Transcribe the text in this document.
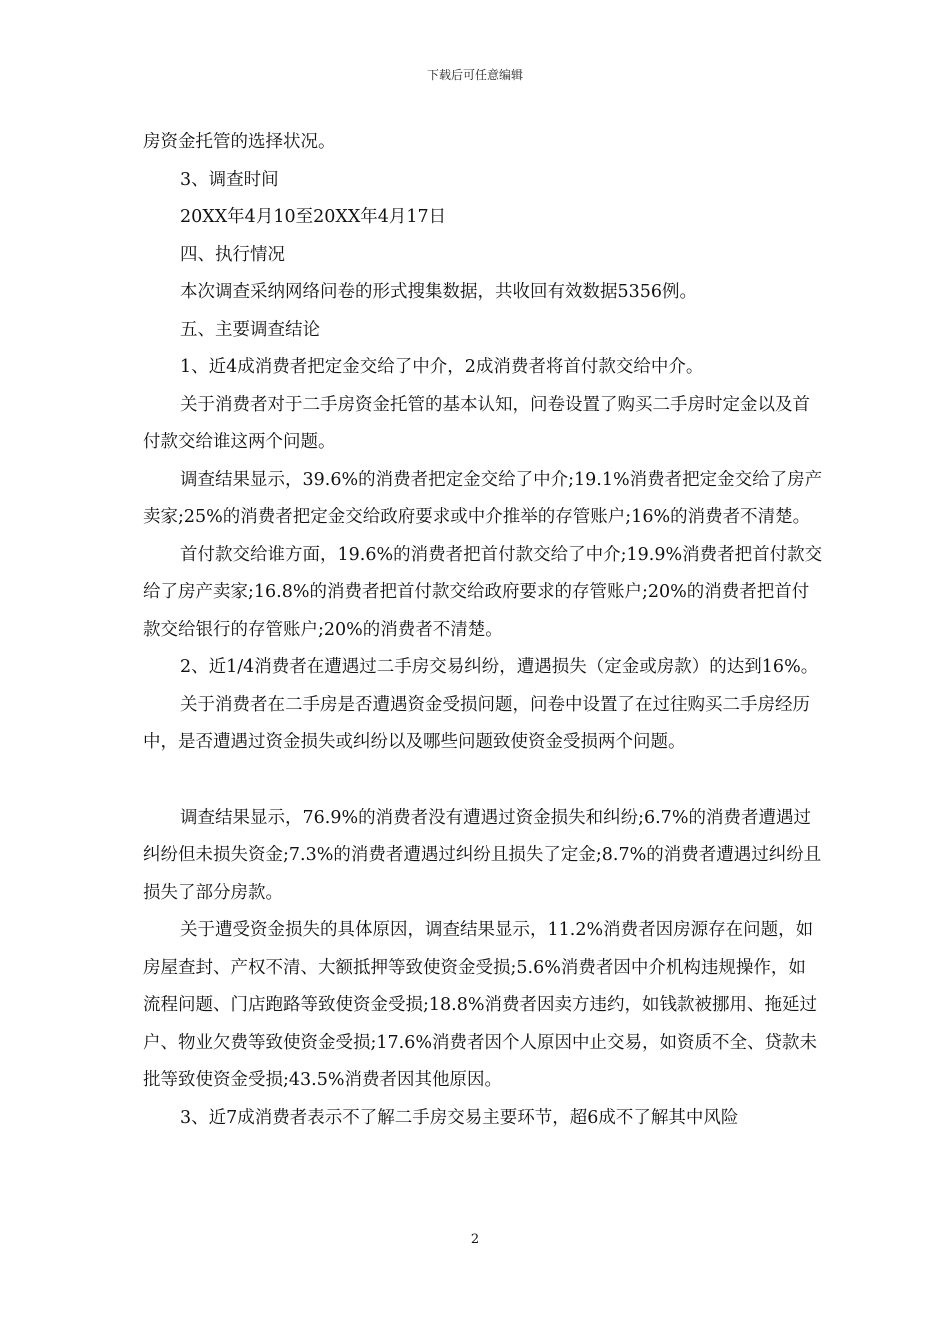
下载后可任意编辑

房资金托管的选择状况。

3、调查时间

20XX年4月10至20XX年4月17日

四、执行情况

本次调查采纳网络问卷的形式搜集数据，共收回有效数据5356例。

五、主要调查结论

1、近4成消费者把定金交给了中介，2成消费者将首付款交给中介。

关于消费者对于二手房资金托管的基本认知，问卷设置了购买二手房时定金以及首付款交给谁这两个问题。

调查结果显示，39.6%的消费者把定金交给了中介;19.1%消费者把定金交给了房产卖家;25%的消费者把定金交给政府要求或中介推举的存管账户;16%的消费者不清楚。

首付款交给谁方面，19.6%的消费者把首付款交给了中介;19.9%消费者把首付款交给了房产卖家;16.8%的消费者把首付款交给政府要求的存管账户;20%的消费者把首付款交给银行的存管账户;20%的消费者不清楚。

2、近1/4消费者在遭遇过二手房交易纠纷，遭遇损失（定金或房款）的达到16%。

关于消费者在二手房是否遭遇资金受损问题，问卷中设置了在过往购买二手房经历中，是否遭遇过资金损失或纠纷以及哪些问题致使资金受损两个问题。

调查结果显示，76.9%的消费者没有遭遇过资金损失和纠纷;6.7%的消费者遭遇过纠纷但未损失资金;7.3%的消费者遭遇过纠纷且损失了定金;8.7%的消费者遭遇过纠纷且损失了部分房款。

关于遭受资金损失的具体原因，调查结果显示，11.2%消费者因房源存在问题，如房屋查封、产权不清、大额抵押等致使资金受损;5.6%消费者因中介机构违规操作，如流程问题、门店跑路等致使资金受损;18.8%消费者因卖方违约，如钱款被挪用、拖延过户、物业欠费等致使资金受损;17.6%消费者因个人原因中止交易，如资质不全、贷款未批等致使资金受损;43.5%消费者因其他原因。

3、近7成消费者表示不了解二手房交易主要环节，超6成不了解其中风险

2
